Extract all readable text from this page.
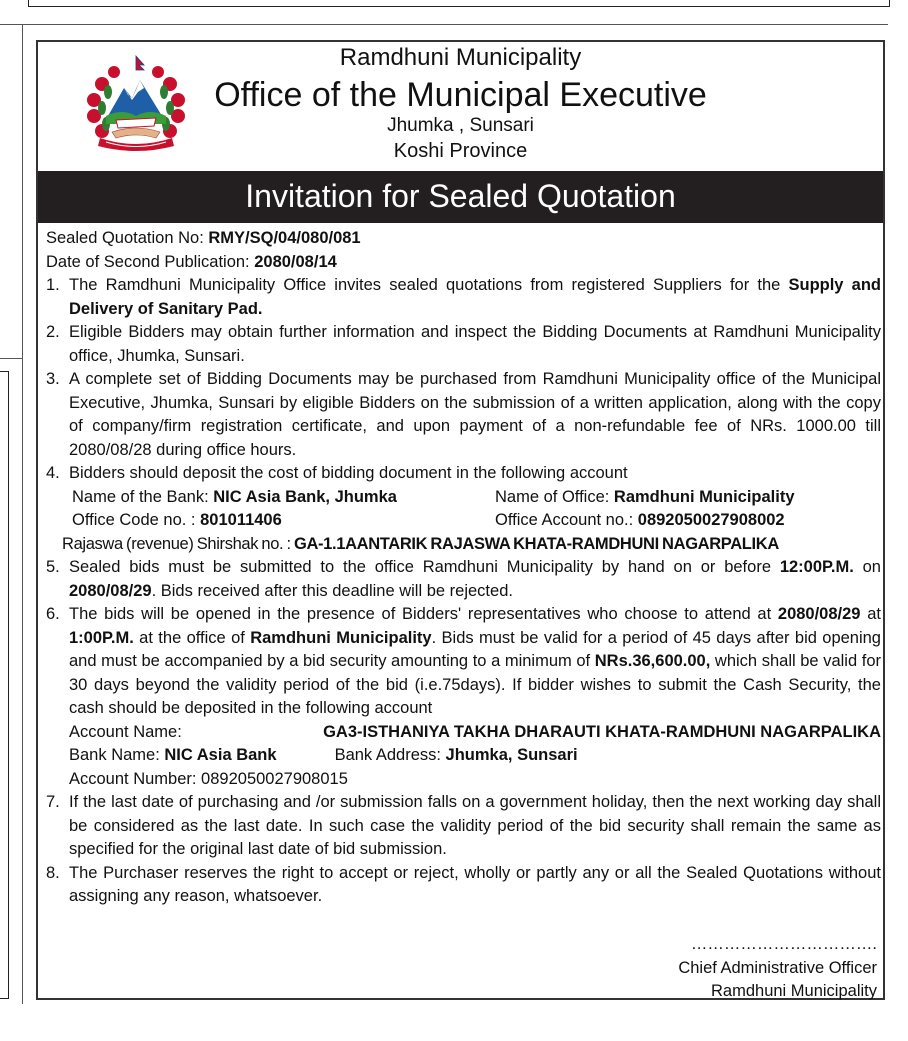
Ramdhuni Municipality
Office of the Municipal Executive
Jhumka , Sunsari
Koshi Province
Invitation for Sealed Quotation
Sealed Quotation No: RMY/SQ/04/080/081
Date of Second Publication: 2080/08/14
1. The Ramdhuni Municipality Office invites sealed quotations from registered Suppliers for the Supply and Delivery of Sanitary Pad.
2. Eligible Bidders may obtain further information and inspect the Bidding Documents at Ramdhuni Municipality office, Jhumka, Sunsari.
3. A complete set of Bidding Documents may be purchased from Ramdhuni Municipality office of the Municipal Executive, Jhumka, Sunsari by eligible Bidders on the submission of a written application, along with the copy of company/firm registration certificate, and upon payment of a non-refundable fee of NRs. 1000.00 till 2080/08/28 during office hours.
4. Bidders should deposit the cost of bidding document in the following account
Name of the Bank: NIC Asia Bank, Jhumka	Name of Office: Ramdhuni Municipality
Office Code no. : 801011406	Office Account no.: 0892050027908002
Rajaswa (revenue) Shirshak no. : GA-1.1AANTARIK RAJASWA KHATA-RAMDHUNI NAGARPALIKA
5. Sealed bids must be submitted to the office Ramdhuni Municipality by hand on or before 12:00P.M. on 2080/08/29. Bids received after this deadline will be rejected.
6. The bids will be opened in the presence of Bidders' representatives who choose to attend at 2080/08/29 at 1:00P.M. at the office of Ramdhuni Municipality. Bids must be valid for a period of 45 days after bid opening and must be accompanied by a bid security amounting to a minimum of NRs.36,600.00, which shall be valid for 30 days beyond the validity period of the bid (i.e.75days). If bidder wishes to submit the Cash Security, the cash should be deposited in the following account
Account Name:	GA3-ISTHANIYA TAKHA DHARAUTI KHATA-RAMDHUNI NAGARPALIKA
Bank Name: NIC Asia Bank	Bank Address: Jhumka, Sunsari
Account Number: 0892050027908015
7. If the last date of purchasing and /or submission falls on a government holiday, then the next working day shall be considered as the last date. In such case the validity period of the bid security shall remain the same as specified for the original last date of bid submission.
8. The Purchaser reserves the right to accept or reject, wholly or partly any or all the Sealed Quotations without assigning any reason, whatsoever.
…………………………….
Chief Administrative Officer
Ramdhuni Municipality
